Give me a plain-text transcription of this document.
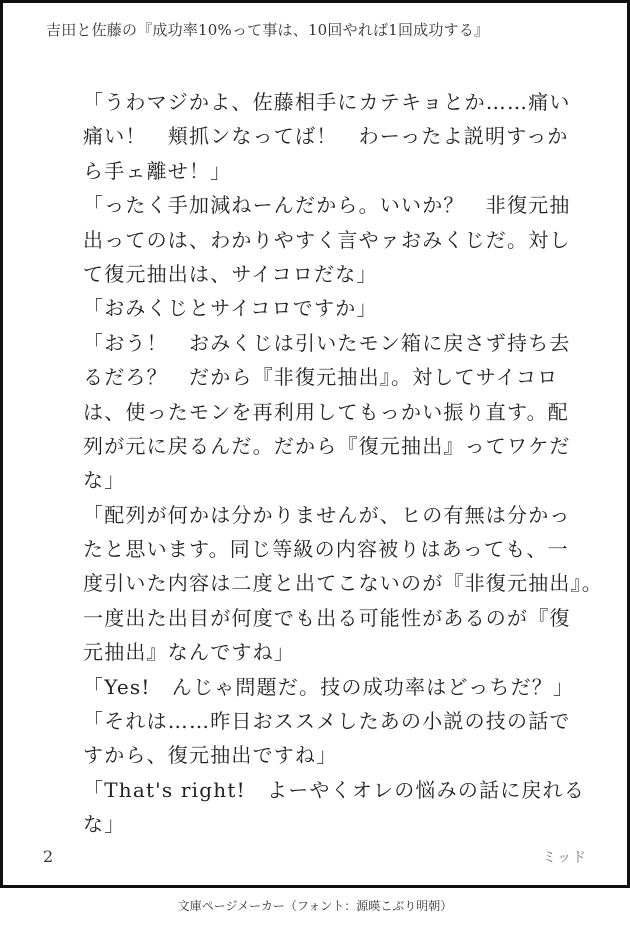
吉田と佐藤の『成功率10%って事は、10回やれば1回成功する』
「うわマジかよ、佐藤相手にカテキョとか……痛い
痛い！　頬抓ンなってば！　わーったよ説明すっか
ら手ェ離せ！」
「ったく手加減ねーんだから。いいか？　非復元抽
出ってのは、わかりやすく言やァおみくじだ。対し
て復元抽出は、サイコロだな」
「おみくじとサイコロですか」
「おう！　おみくじは引いたモン箱に戻さず持ち去
るだろ？　だから『非復元抽出』。対してサイコロ
は、使ったモンを再利用してもっかい振り直す。配
列が元に戻るんだ。だから『復元抽出』ってワケだ
な」
「配列が何かは分かりませんが、ヒの有無は分かっ
たと思います。同じ等級の内容被りはあっても、一
度引いた内容は二度と出てこないのが『非復元抽出』。
一度出た出目が何度でも出る可能性があるのが『復
元抽出』なんですね」
「Yes!　んじゃ問題だ。技の成功率はどっちだ？」
「それは……昨日おススメしたあの小説の技の話で
すから、復元抽出ですね」
「That's right!　よーやくオレの悩みの話に戻れる
な」
2	ミッド
文庫ページメーカー（フォント：源暎こぶり明朝）
